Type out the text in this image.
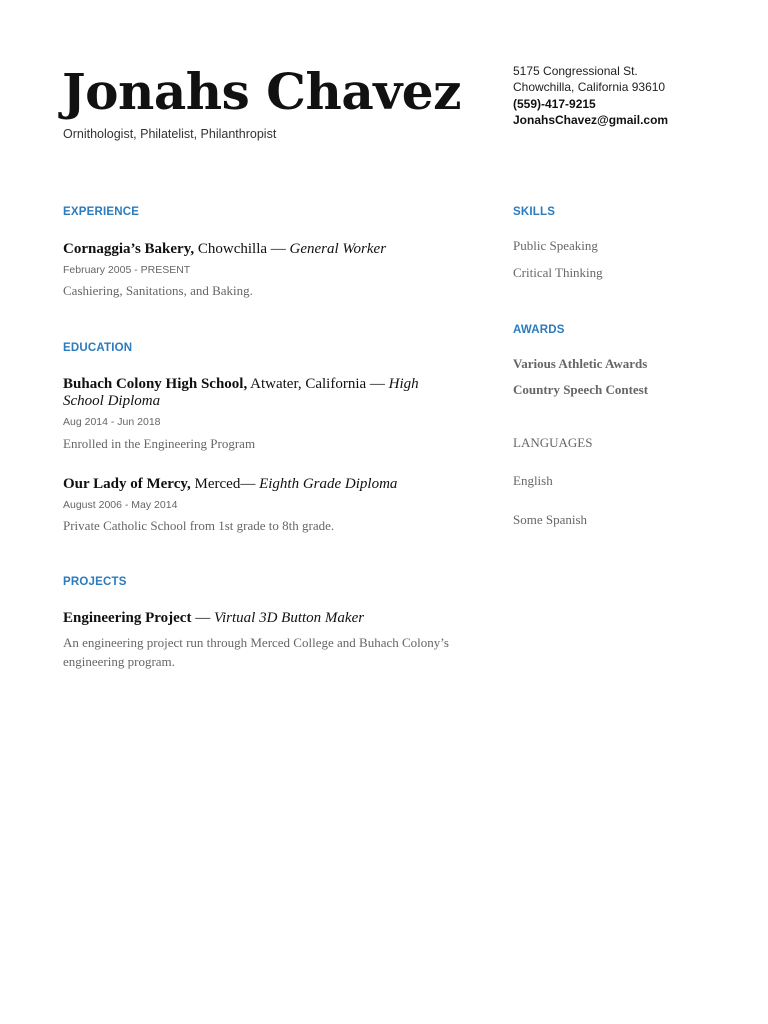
Jonahs Chavez
Ornithologist, Philatelist, Philanthropist
5175 Congressional St.
Chowchilla, California 93610
(559)-417-9215
JonahsChavez@gmail.com
EXPERIENCE
Cornaggia’s Bakery, Chowchilla — General Worker
February 2005 - PRESENT
Cashiering, Sanitations, and Baking.
EDUCATION
Buhach Colony High School, Atwater, California — High School Diploma
Aug 2014 - Jun 2018
Enrolled in the Engineering Program
Our Lady of Mercy, Merced— Eighth Grade Diploma
August 2006 - May 2014
Private Catholic School from 1st grade to 8th grade.
PROJECTS
Engineering Project — Virtual 3D Button Maker
An engineering project run through Merced College and Buhach Colony’s engineering program.
SKILLS
Public Speaking
Critical Thinking
AWARDS
Various Athletic Awards
Country Speech Contest
LANGUAGES
English
Some Spanish
